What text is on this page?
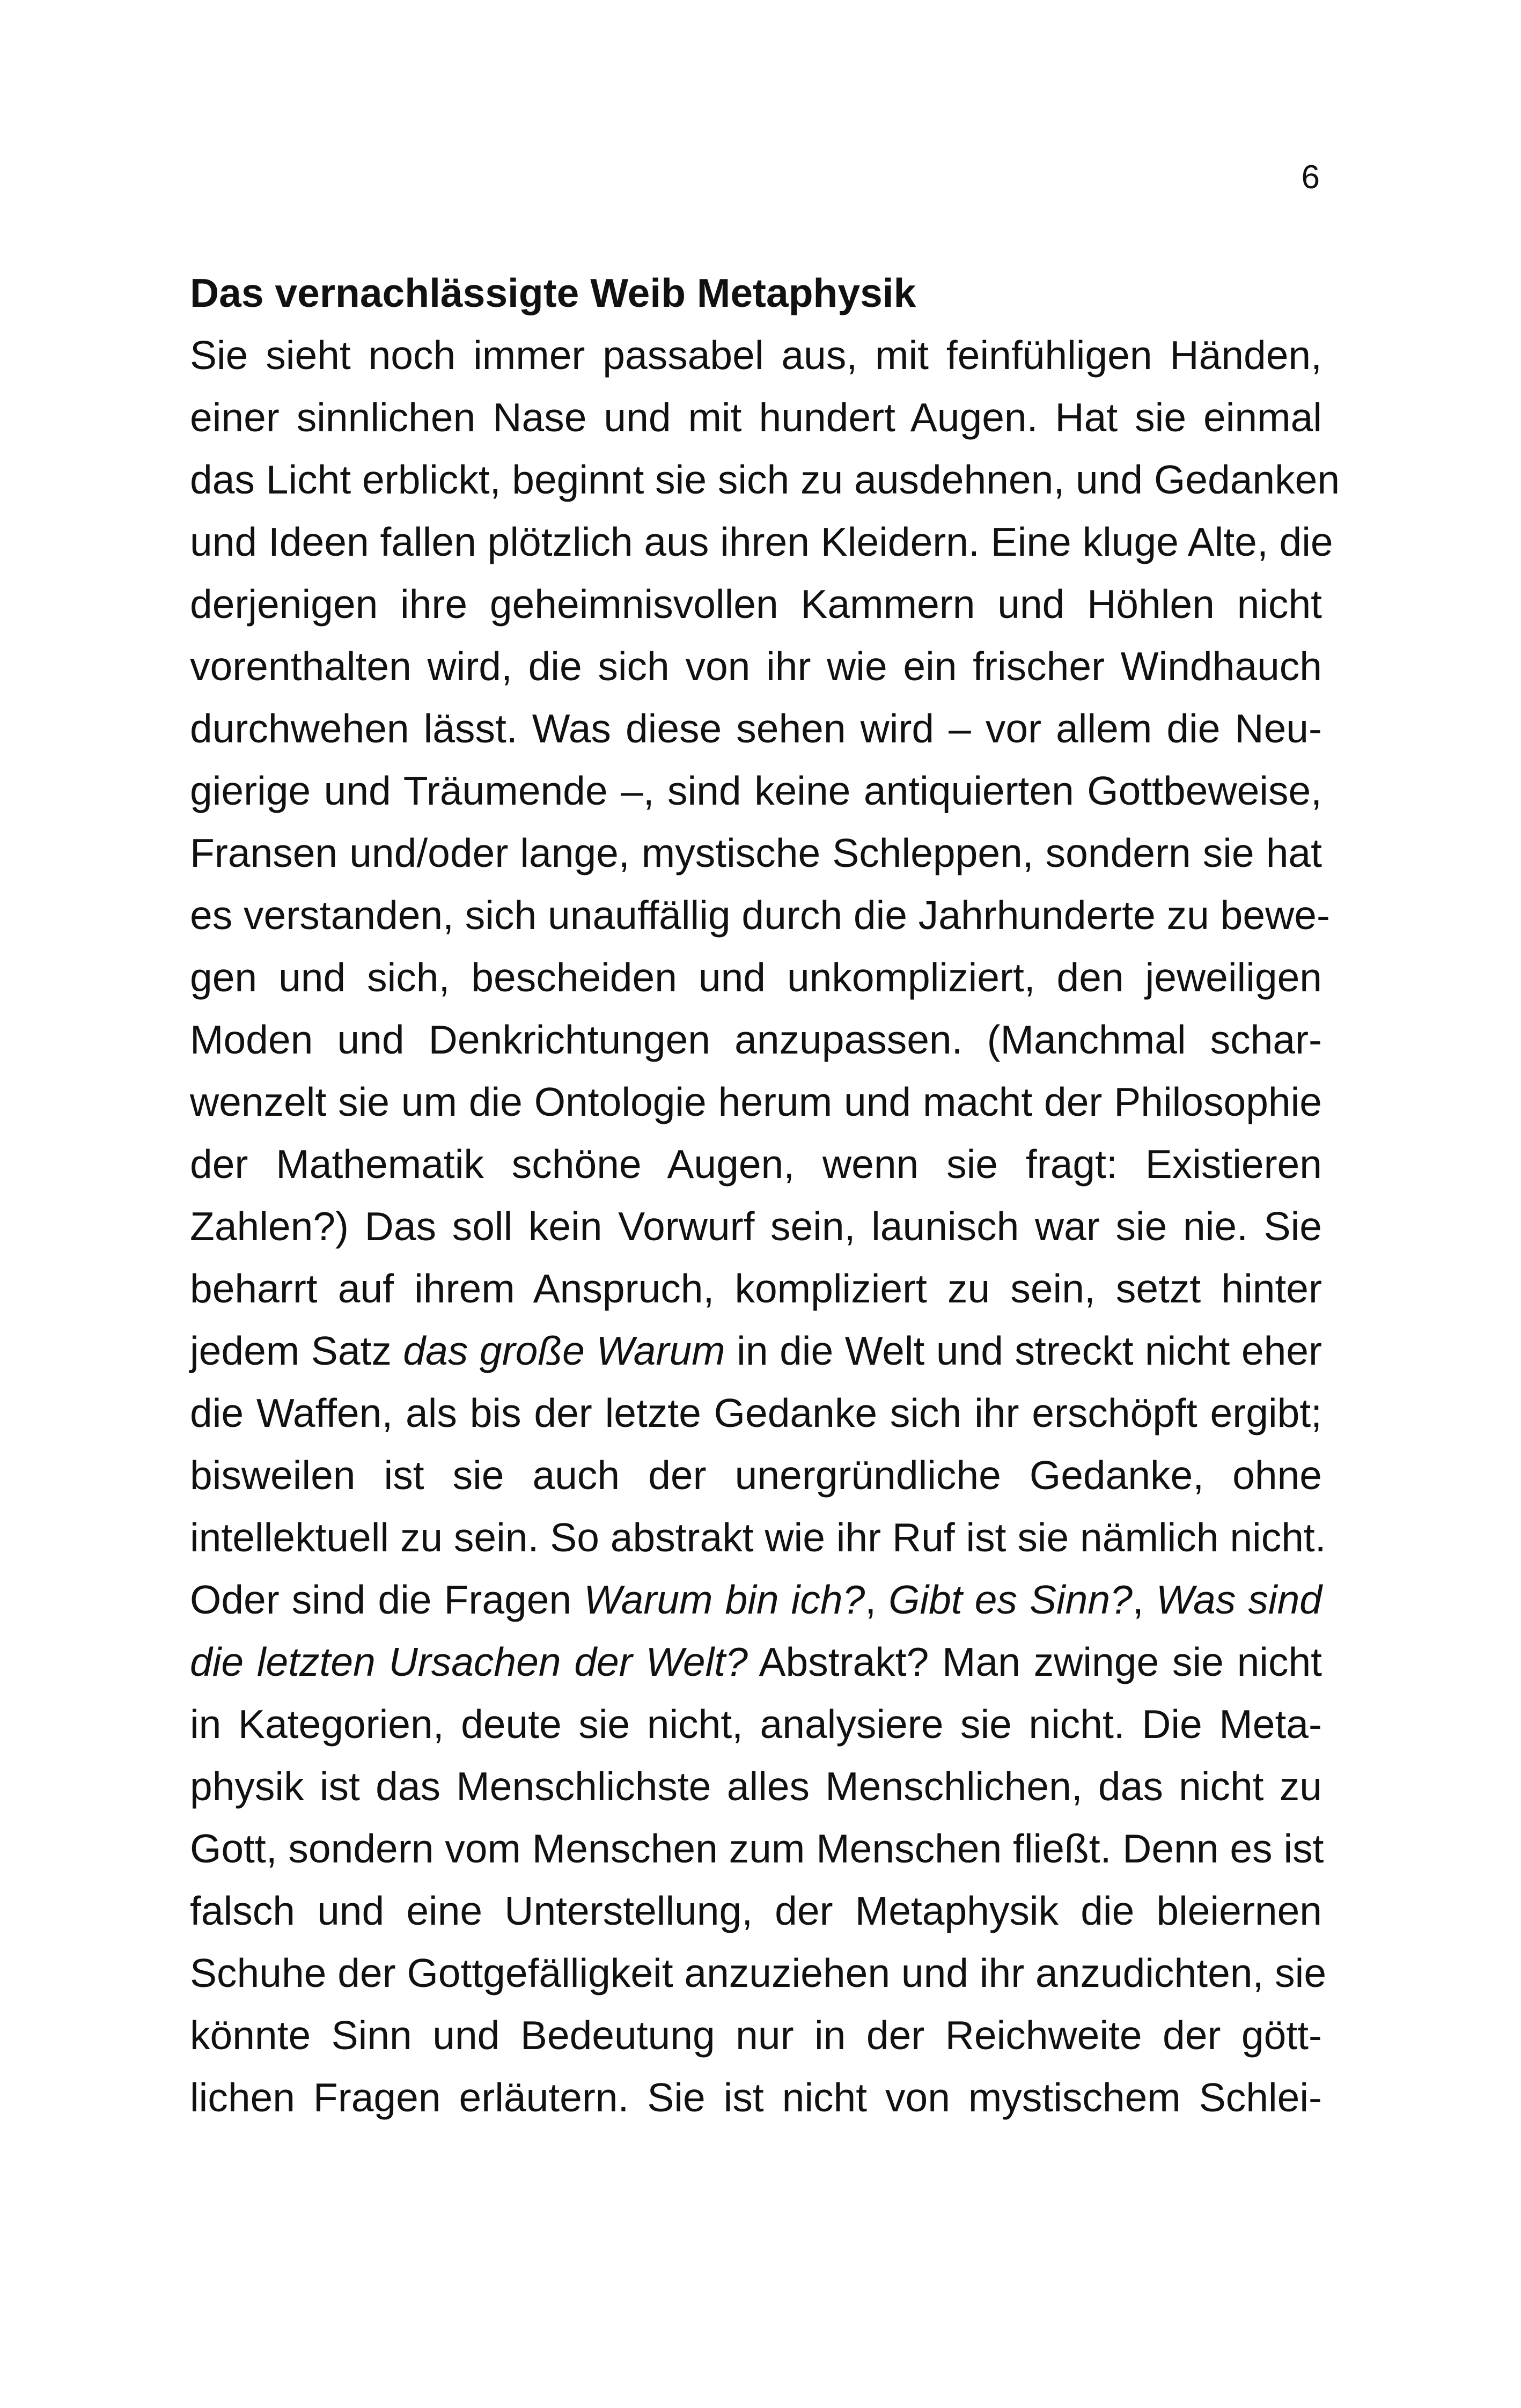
6
Das vernachlässigte Weib Metaphysik
Sie sieht noch immer passabel aus, mit feinfühligen Händen,
einer sinnlichen Nase und mit hundert Augen. Hat sie einmal
das Licht erblickt, beginnt sie sich zu ausdehnen, und Gedanken
und Ideen fallen plötzlich aus ihren Kleidern. Eine kluge Alte, die
derjenigen ihre geheimnisvollen Kammern und Höhlen nicht
vorenthalten wird, die sich von ihr wie ein frischer Windhauch
durchwehen lässt. Was diese sehen wird – vor allem die Neu-
gierige und Träumende –, sind keine antiquierten Gottbeweise,
Fransen und/oder lange, mystische Schleppen, sondern sie hat
es verstanden, sich unauffällig durch die Jahrhunderte zu bewe-
gen und sich, bescheiden und unkompliziert, den jeweiligen
Moden und Denkrichtungen anzupassen. (Manchmal schar-
wenzelt sie um die Ontologie herum und macht der Philosophie
der Mathematik schöne Augen, wenn sie fragt: Existieren
Zahlen?) Das soll kein Vorwurf sein, launisch war sie nie. Sie
beharrt auf ihrem Anspruch, kompliziert zu sein, setzt hinter
jedem Satz das große Warum in die Welt und streckt nicht eher
die Waffen, als bis der letzte Gedanke sich ihr erschöpft ergibt;
bisweilen ist sie auch der unergründliche Gedanke, ohne
intellektuell zu sein. So abstrakt wie ihr Ruf ist sie nämlich nicht.
Oder sind die Fragen Warum bin ich?, Gibt es Sinn?, Was sind
die letzten Ursachen der Welt? Abstrakt? Man zwinge sie nicht
in Kategorien, deute sie nicht, analysiere sie nicht. Die Meta-
physik ist das Menschlichste alles Menschlichen, das nicht zu
Gott, sondern vom Menschen zum Menschen fließt. Denn es ist
falsch und eine Unterstellung, der Metaphysik die bleiernen
Schuhe der Gottgefälligkeit anzuziehen und ihr anzudichten, sie
könnte Sinn und Bedeutung nur in der Reichweite der gött-
lichen Fragen erläutern. Sie ist nicht von mystischem Schlei-
